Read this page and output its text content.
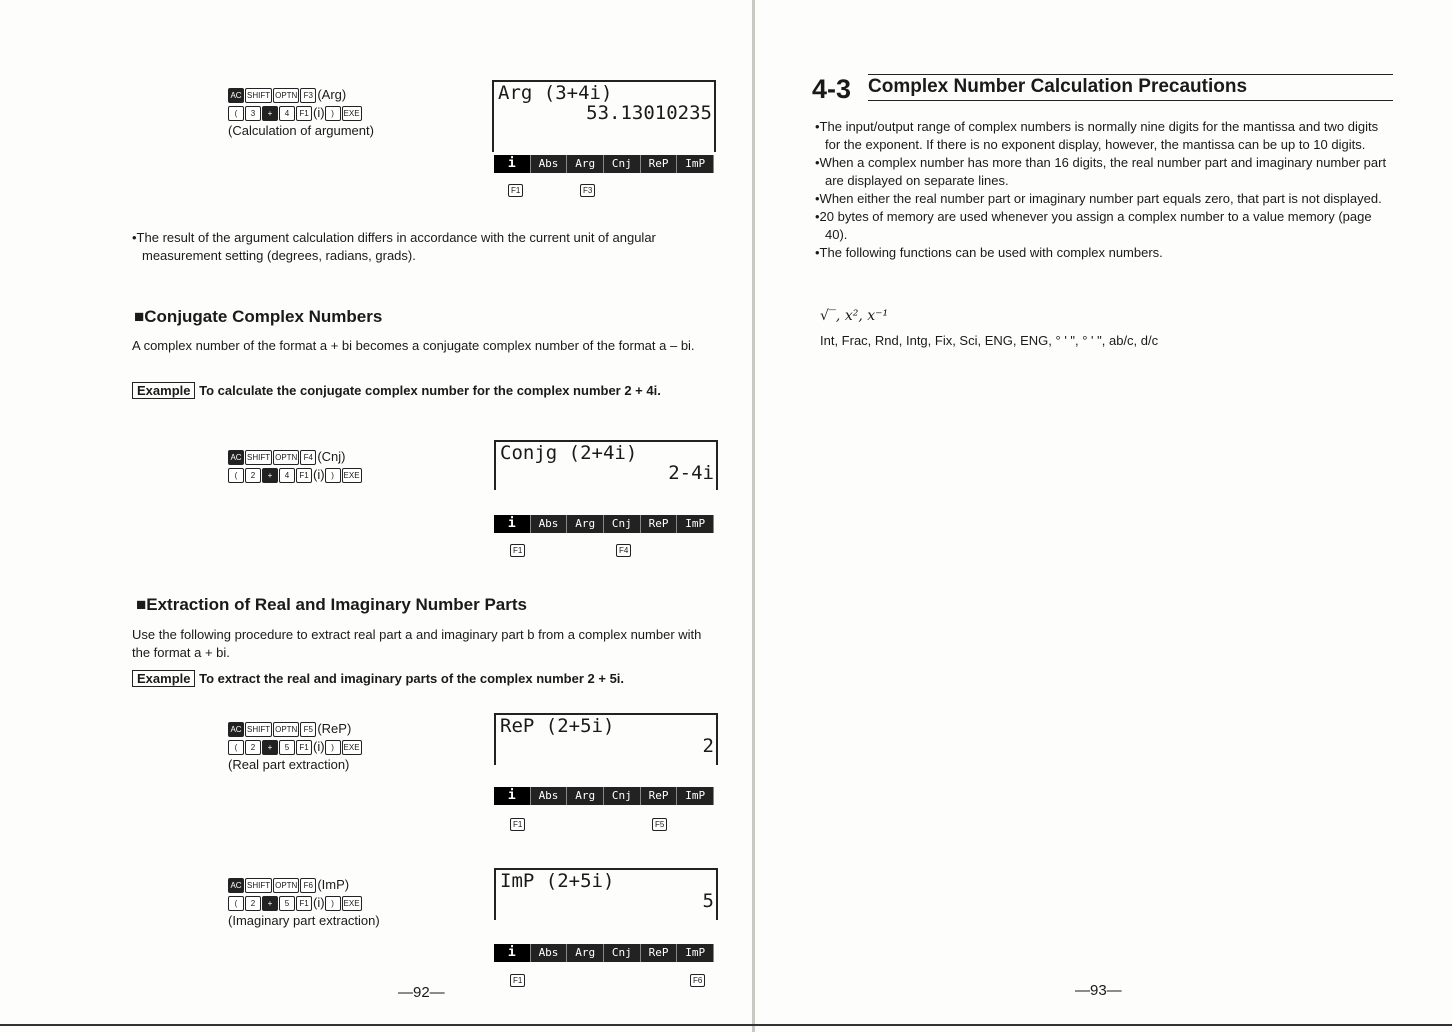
AC SHIFT OPTN F3 (Arg)
( 3 + 4 F1 (i) ) EXE
(Calculation of argument)
Arg (3+4i)
53.13010235
i	Abs	Arg	Cnj	ReP	ImP
F1	F3
•The result of the argument calculation differs in accordance with the current unit of angular measurement setting (degrees, radians, grads).
■Conjugate Complex Numbers
A complex number of the format a + bi becomes a conjugate complex number of the format a – bi.
Example To calculate the conjugate complex number for the complex number 2 + 4i.
AC SHIFT OPTN F4 (Cnj)
( 2 + 4 F1 (i) ) EXE
Conjg (2+4i)
2-4i
i	Abs	Arg	Cnj	ReP	ImP
F1	F4
■Extraction of Real and Imaginary Number Parts
Use the following procedure to extract real part a and imaginary part b from a complex number with the format a + bi.
Example To extract the real and imaginary parts of the complex number 2 + 5i.
AC SHIFT OPTN F5 (ReP)
( 2 + 5 F1 (i) ) EXE
(Real part extraction)
ReP (2+5i)
2
i	Abs	Arg	Cnj	ReP	ImP
F1	F5
AC SHIFT OPTN F6 (ImP)
( 2 + 5 F1 (i) ) EXE
(Imaginary part extraction)
ImP (2+5i)
5
i	Abs	Arg	Cnj	ReP	ImP
F1	F6
—92—
4-3 Complex Number Calculation Precautions
•The input/output range of complex numbers is normally nine digits for the mantissa and two digits for the exponent. If there is no exponent display, however, the mantissa can be up to 10 digits.
•When a complex number has more than 16 digits, the real number part and imaginary number part are displayed on separate lines.
•When either the real number part or imaginary number part equals zero, that part is not displayed.
•20 bytes of memory are used whenever you assign a complex number to a value memory (page 40).
•The following functions can be used with complex numbers.
√‾, x², x⁻¹
Int, Frac, Rnd, Intg, Fix, Sci, ENG, ENG, ° ' ", ° ' ", ab/c, d/c
—93—
